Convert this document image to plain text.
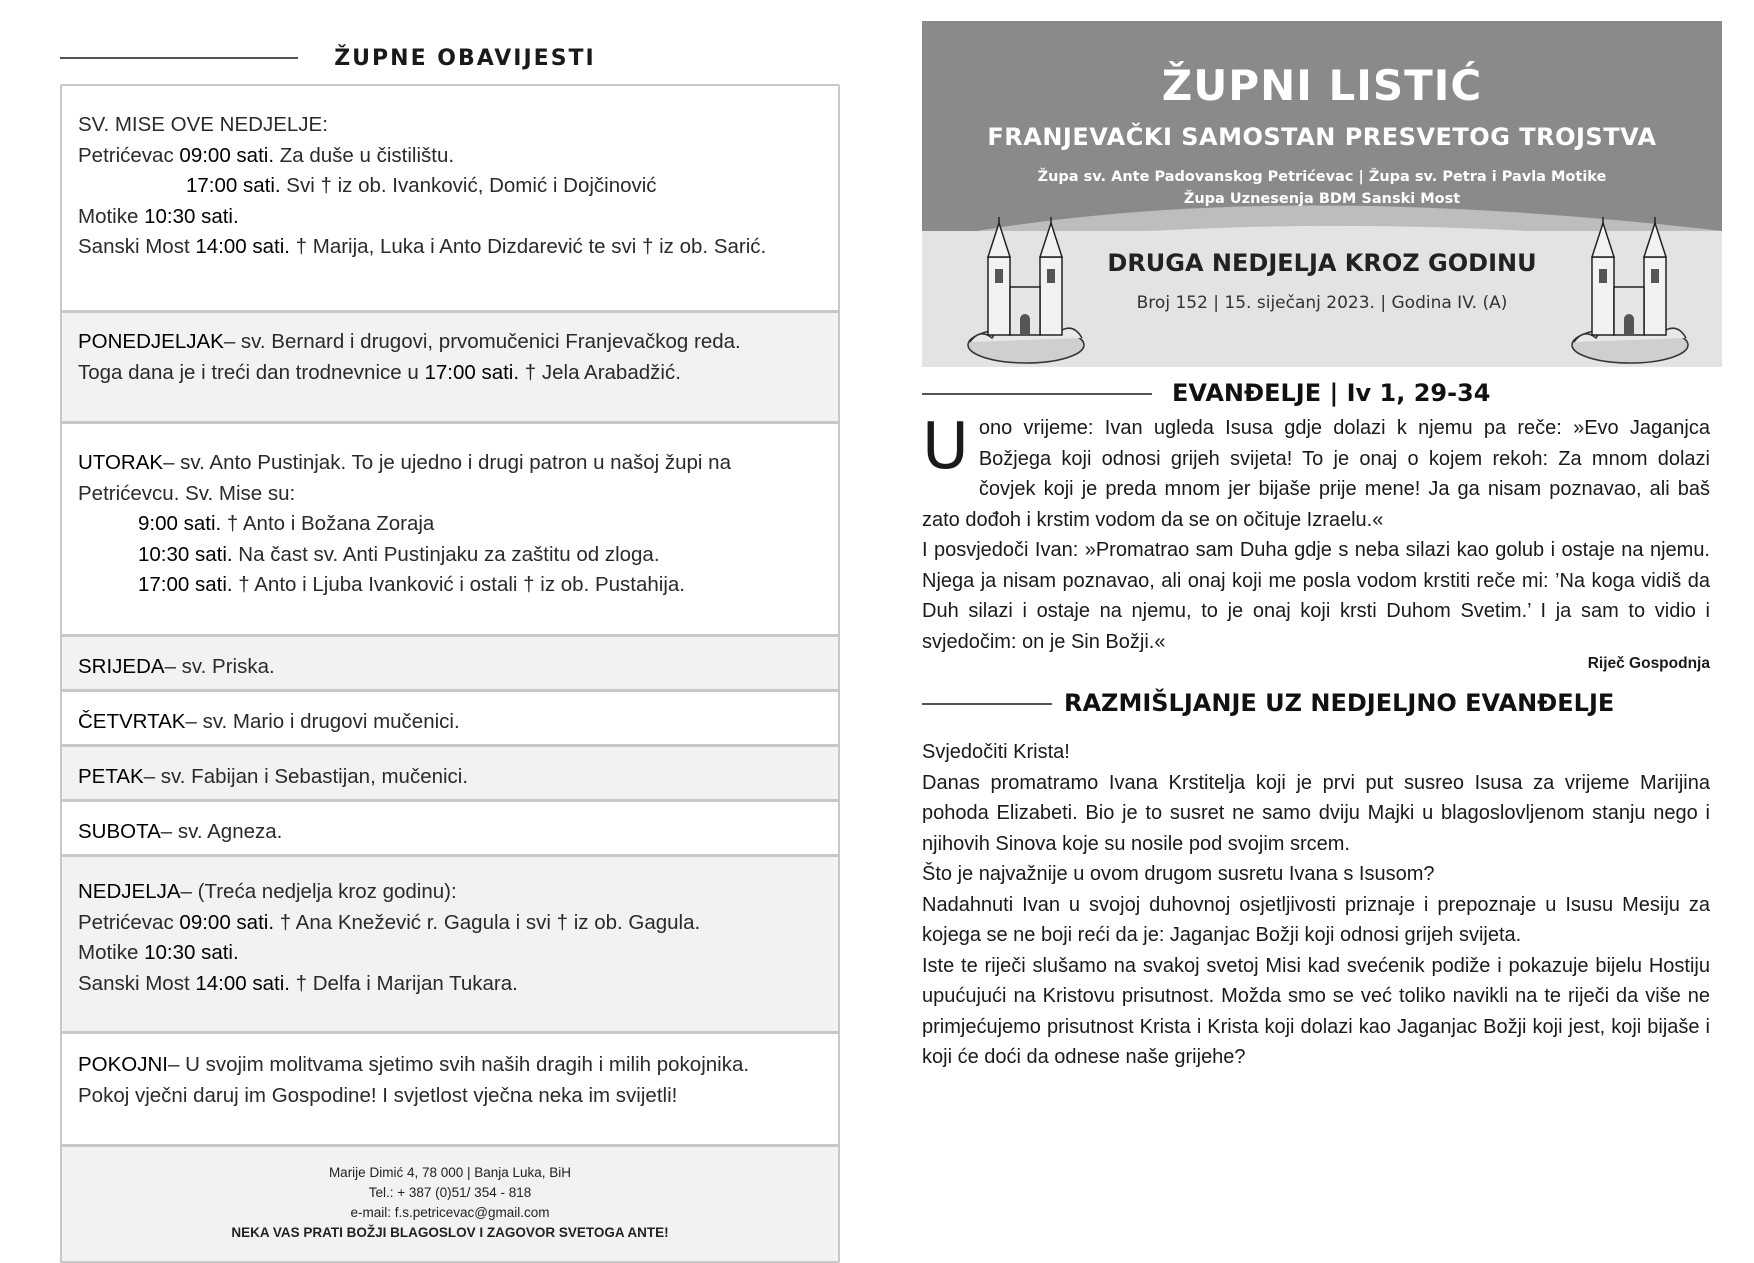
ŽUPNE OBAVIJESTI
SV. MISE OVE NEDJELJE:
Petrićevac 09:00 sati. Za duše u čistilištu.
17:00 sati. Svi † iz ob. Ivanković, Domić i Dojčinović
Motike 10:30 sati.
Sanski Most 14:00 sati. † Marija, Luka i Anto Dizdarević te svi † iz ob. Sarić.
PONEDJELJAK– sv. Bernard i drugovi, prvomučenici Franjevačkog reda.
Toga dana je i treći dan trodnevnice u 17:00 sati. † Jela Arabadžić.
UTORAK– sv. Anto Pustinjak. To je ujedno i drugi patron u našoj župi na
Petrićevcu. Sv. Mise su:
9:00 sati. † Anto i Božana Zoraja
10:30 sati. Na čast sv. Anti Pustinjaku za zaštitu od zloga.
17:00 sati. † Anto i Ljuba Ivanković i ostali † iz ob. Pustahija.
SRIJEDA– sv. Priska.
ČETVRTAK– sv. Mario i drugovi mučenici.
PETAK– sv. Fabijan i Sebastijan, mučenici.
SUBOTA– sv. Agneza.
NEDJELJA– (Treća nedjelja kroz godinu):
Petrićevac 09:00 sati. † Ana Knežević r. Gagula i svi † iz ob. Gagula.
Motike 10:30 sati.
Sanski Most 14:00 sati. † Delfa i Marijan Tukara.
POKOJNI– U svojim molitvama sjetimo svih naših dragih i milih pokojnika.
Pokoj vječni daruj im Gospodine! I svjetlost vječna neka im svijetli!
Marije Dimić 4, 78 000 | Banja Luka, BiH
Tel.: + 387 (0)51/ 354 - 818
e-mail: f.s.petricevac@gmail.com
NEKA VAS PRATI BOŽJI BLAGOSLOV I ZAGOVOR SVETOGA ANTE!
ŽUPNI LISTIĆ
FRANJEVAČKI SAMOSTAN PRESVETOG TROJSTVA
Župa sv. Ante Padovanskog Petrićevac | Župa sv. Petra i Pavla Motike
Župa Uznesenja BDM Sanski Most
DRUGA NEDJELJA KROZ GODINU
Broj 152 | 15. siječanj 2023. | Godina IV. (A)
EVANĐELJE | Iv 1, 29-34

Uono vrijeme: Ivan ugleda Isusa gdje dolazi k njemu pa reče: »Evo Jaganjca Božjega koji odnosi grijeh svijeta! To je onaj o kojem rekoh: Za mnom dolazi čovjek koji je preda mnom jer bijaše prije mene! Ja ga nisam poznavao, ali baš zato dođoh i krstim vodom da se on očituje Izraelu.«

I posvjedoči Ivan: »Promatrao sam Duha gdje s neba silazi kao golub i ostaje na njemu. Njega ja nisam poznavao, ali onaj koji me posla vodom krstiti reče mi: ’Na koga vidiš da Duh silazi i ostaje na njemu, to je onaj koji krsti Duhom Svetim.’ I ja sam to vidio i svjedočim: on je Sin Božji.«

Riječ Gospodnja
RAZMIŠLJANJE UZ NEDJELJNO EVANĐELJE

Svjedočiti Krista!

Danas promatramo Ivana Krstitelja koji je prvi put susreo Isusa za vrijeme Marijina pohoda Elizabeti. Bio je to susret ne samo dviju Majki u blagoslovljenom stanju nego i njihovih Sinova koje su nosile pod svojim srcem.

Što je najvažnije u ovom drugom susretu Ivana s Isusom?

Nadahnuti Ivan u svojoj duhovnoj osjetljivosti priznaje i prepoznaje u Isusu Mesiju za kojega se ne boji reći da je: Jaganjac Božji koji odnosi grijeh svijeta.

Iste te riječi slušamo na svakoj svetoj Misi kad svećenik podiže i pokazuje bijelu Hostiju upućujući na Kristovu prisutnost. Možda smo se već toliko navikli na te riječi da više ne primjećujemo prisutnost Krista i Krista koji dolazi kao Jaganjac Božji koji jest, koji bijaše i koji će doći da odnese naše grijehe?
